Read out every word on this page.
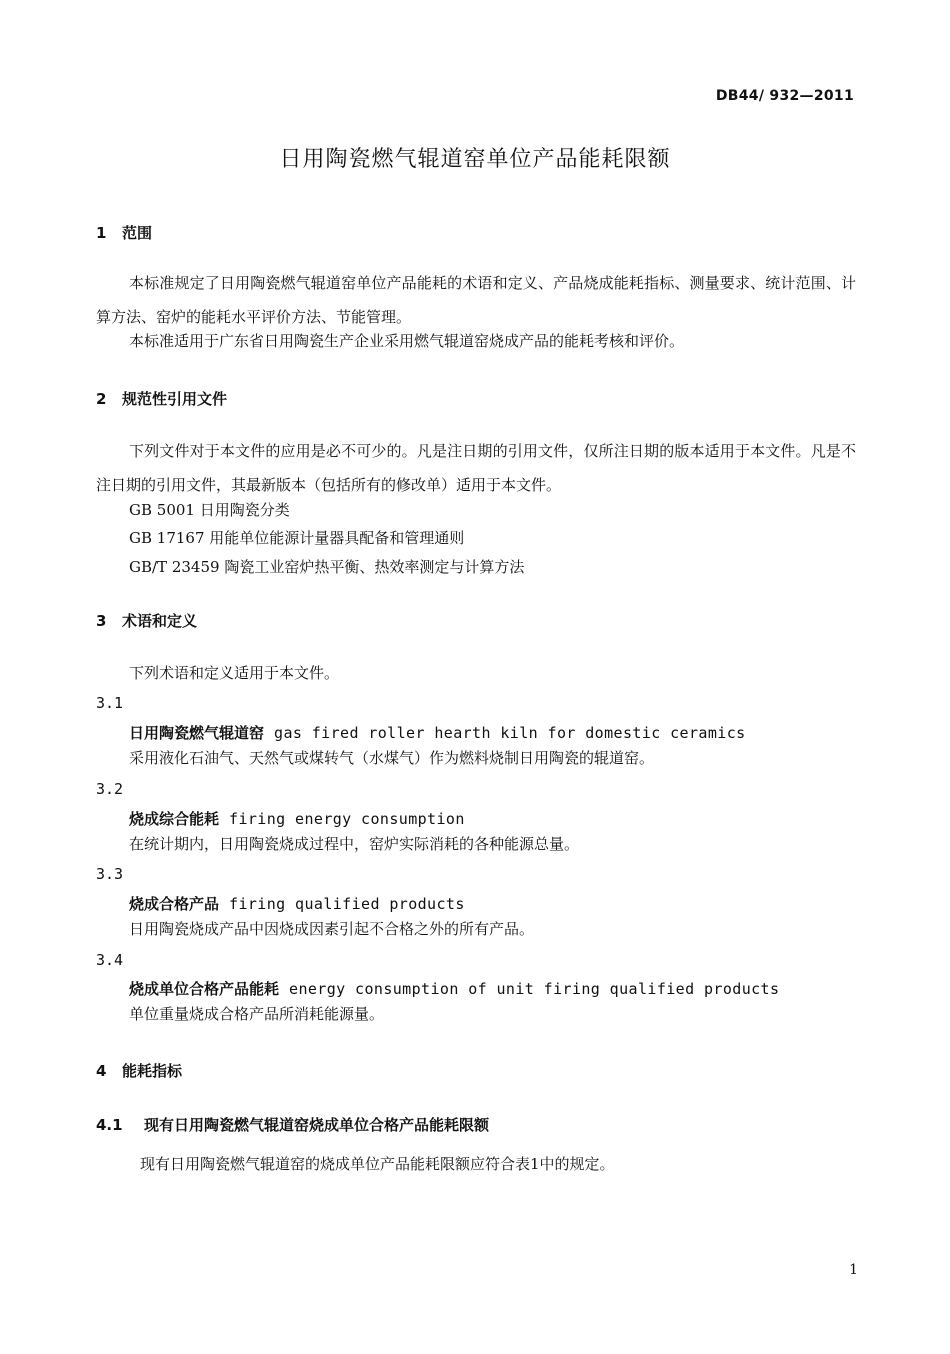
DB44/ 932—2011
日用陶瓷燃气辊道窑单位产品能耗限额
1 范围
本标准规定了日用陶瓷燃气辊道窑单位产品能耗的术语和定义、产品烧成能耗指标、测量要求、统计范围、计算方法、窑炉的能耗水平评价方法、节能管理。
本标准适用于广东省日用陶瓷生产企业采用燃气辊道窑烧成产品的能耗考核和评价。
2 规范性引用文件
下列文件对于本文件的应用是必不可少的。凡是注日期的引用文件，仅所注日期的版本适用于本文件。凡是不注日期的引用文件，其最新版本（包括所有的修改单）适用于本文件。
GB 5001 日用陶瓷分类
GB 17167 用能单位能源计量器具配备和管理通则
GB/T 23459 陶瓷工业窑炉热平衡、热效率测定与计算方法
3 术语和定义
下列术语和定义适用于本文件。
3.1
日用陶瓷燃气辊道窑 gas fired roller hearth kiln for domestic ceramics
采用液化石油气、天然气或煤转气（水煤气）作为燃料烧制日用陶瓷的辊道窑。
3.2
烧成综合能耗 firing energy consumption
在统计期内，日用陶瓷烧成过程中，窑炉实际消耗的各种能源总量。
3.3
烧成合格产品 firing qualified products
日用陶瓷烧成产品中因烧成因素引起不合格之外的所有产品。
3.4
烧成单位合格产品能耗 energy consumption of unit firing qualified products
单位重量烧成合格产品所消耗能源量。
4 能耗指标
4.1 现有日用陶瓷燃气辊道窑烧成单位合格产品能耗限额
现有日用陶瓷燃气辊道窑的烧成单位产品能耗限额应符合表1中的规定。
1
